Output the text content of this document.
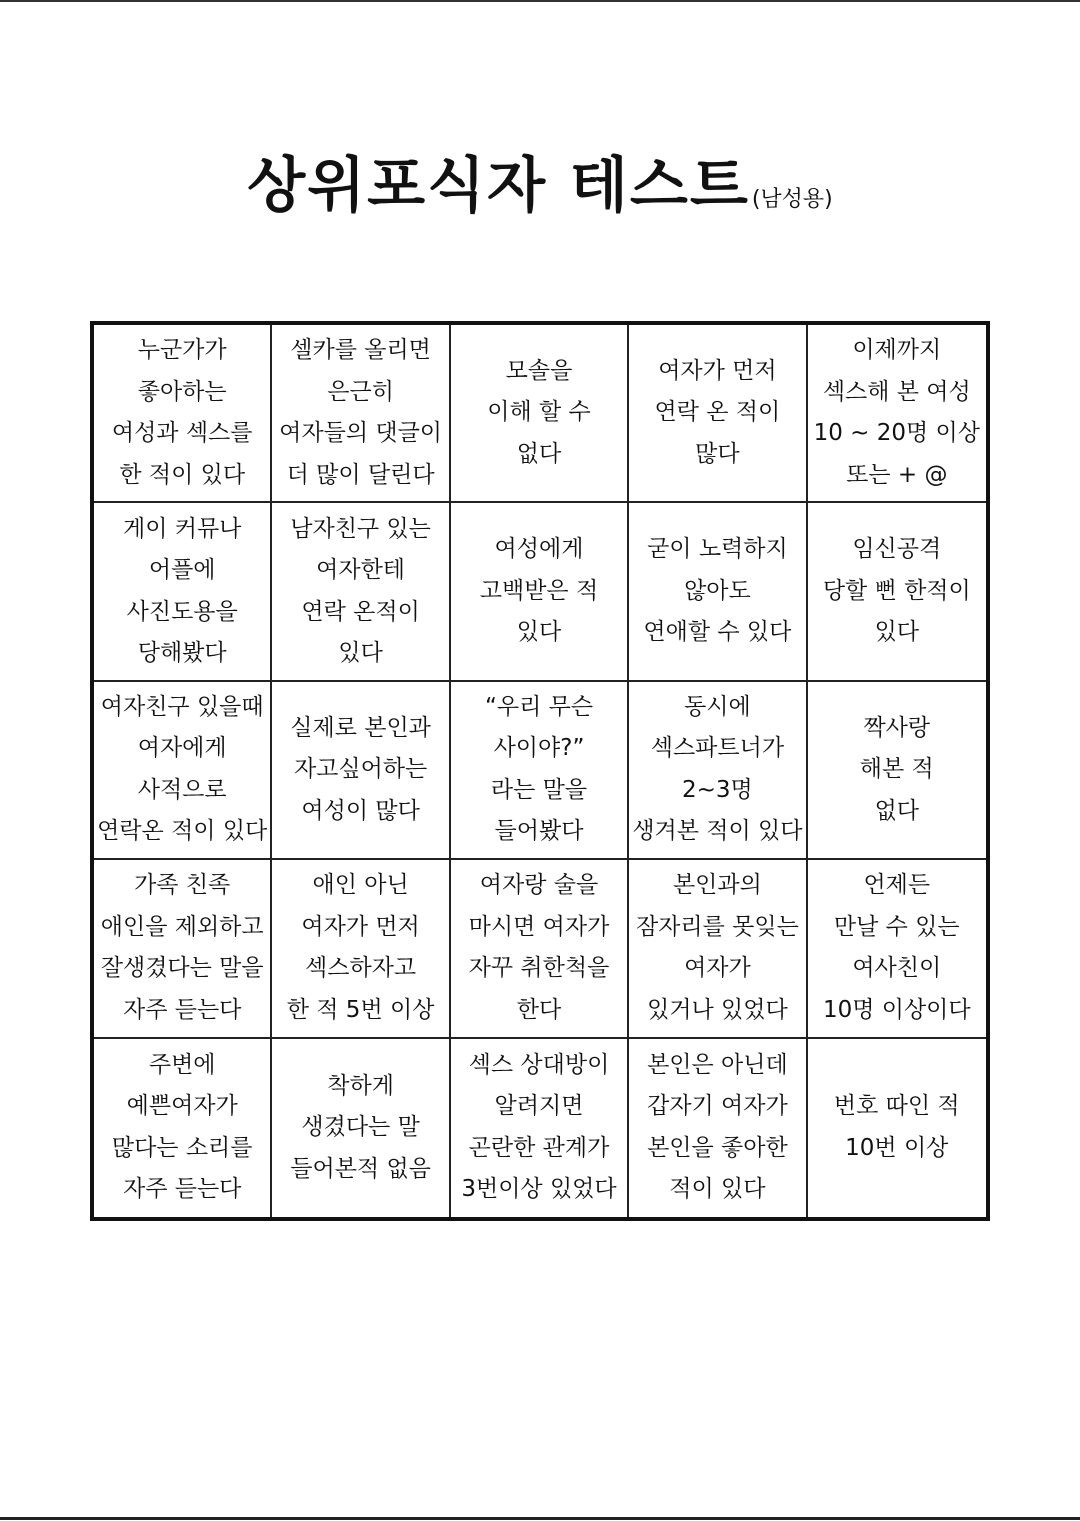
상위포식자 테스트(남성용)

누군가가
좋아하는
여성과 섹스를
한 적이 있다

셀카를 올리면
은근히
여자들의 댓글이
더 많이 달린다

모솔을
이해 할 수
없다

여자가 먼저
연락 온 적이
많다

이제까지
섹스해 본 여성
10 ~ 20명 이상
또는 + @

게이 커뮤나
어플에
사진도용을
당해봤다

남자친구 있는
여자한테
연락 온적이
있다

여성에게
고백받은 적
있다

굳이 노력하지
않아도
연애할 수 있다

임신공격
당할 뻔 한적이
있다

여자친구 있을때
여자에게
사적으로
연락온 적이 있다

실제로 본인과
자고싶어하는
여성이 많다

“우리 무슨
사이야?”
라는 말을
들어봤다

동시에
섹스파트너가
2~3명
생겨본 적이 있다

짝사랑
해본 적
없다

가족 친족
애인을 제외하고
잘생겼다는 말을
자주 듣는다

애인 아닌
여자가 먼저
섹스하자고
한 적 5번 이상

여자랑 술을
마시면 여자가
자꾸 취한척을
한다

본인과의
잠자리를 못잊는
여자가
있거나 있었다

언제든
만날 수 있는
여사친이
10명 이상이다

주변에
예쁜여자가
많다는 소리를
자주 듣는다

착하게
생겼다는 말
들어본적 없음

섹스 상대방이
알려지면
곤란한 관계가
3번이상 있었다

본인은 아닌데
갑자기 여자가
본인을 좋아한
적이 있다

번호 따인 적
10번 이상
